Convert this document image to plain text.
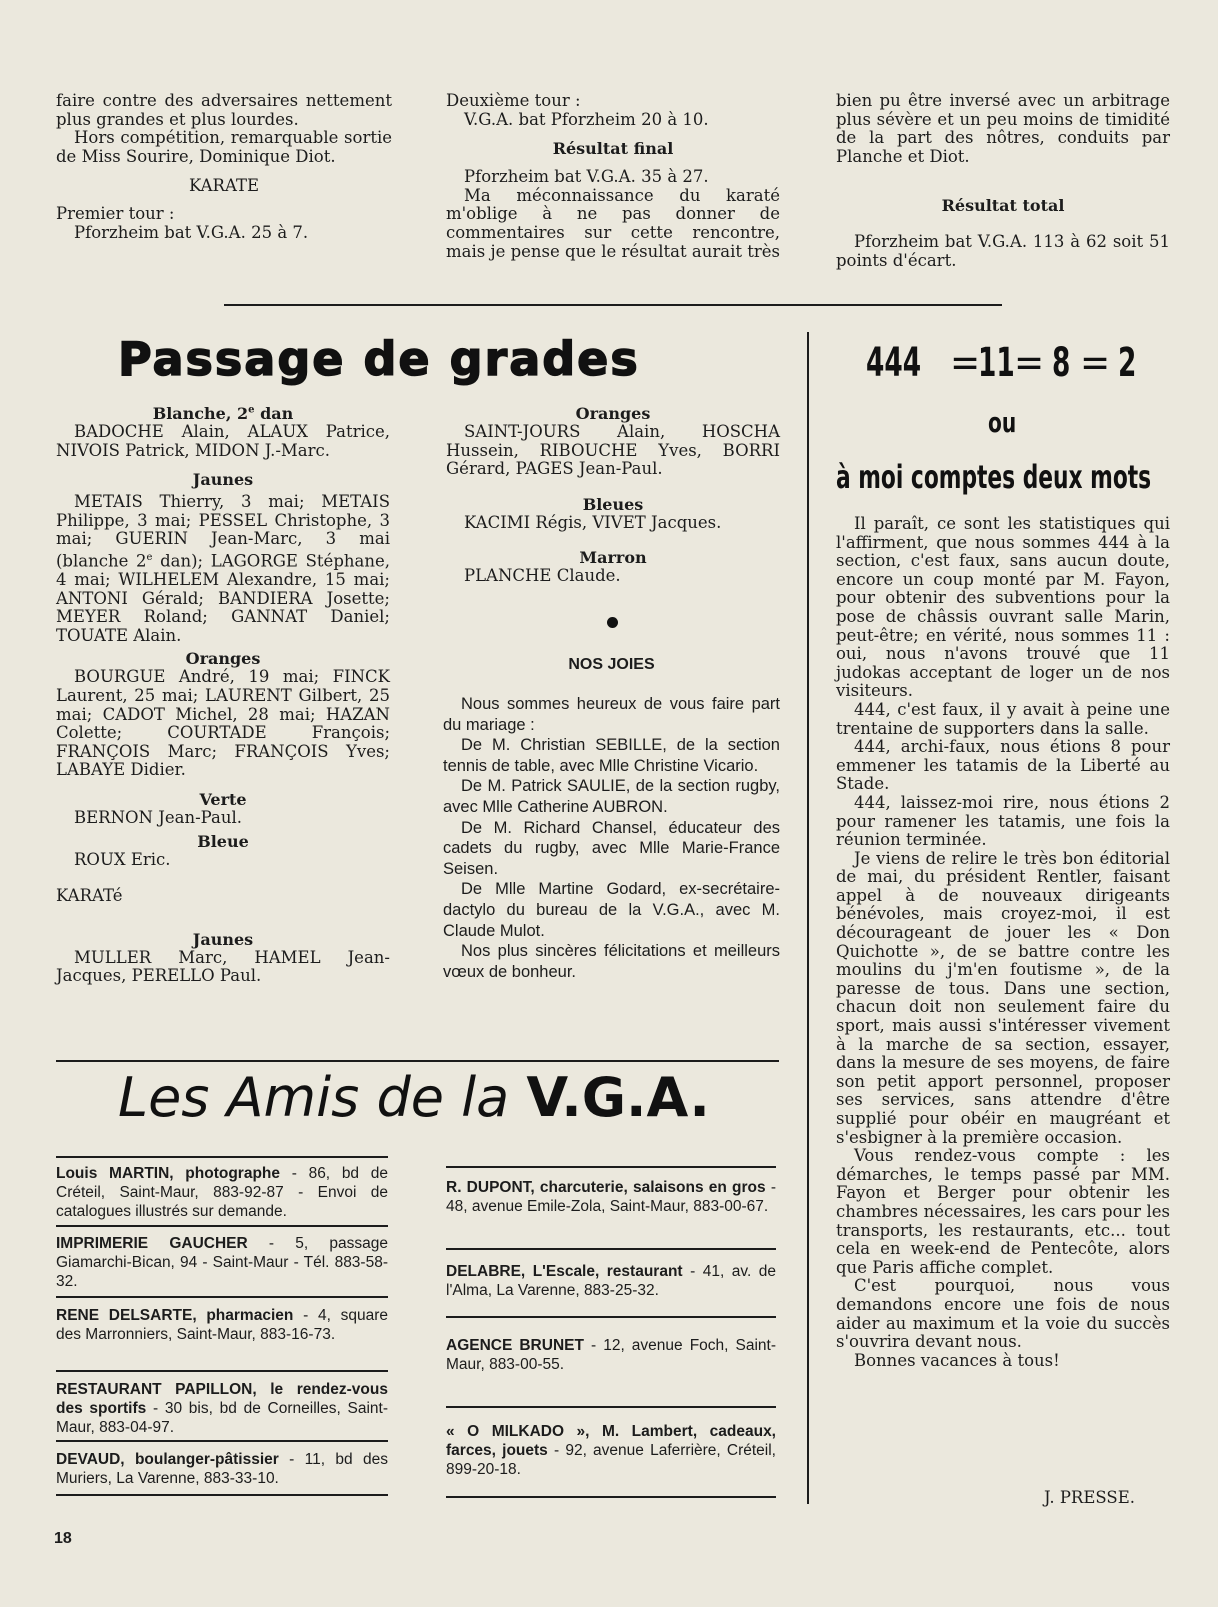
faire contre des adversaires nettement plus grandes et plus lourdes.

Hors compétition, remarquable sortie de Miss Sourire, Dominique Diot.

KARATE

Premier tour :

Pforzheim bat V.G.A. 25 à 7.

Deuxième tour :

V.G.A. bat Pforzheim 20 à 10.

Résultat final

Pforzheim bat V.G.A. 35 à 27.

Ma méconnaissance du karaté m'oblige à ne pas donner de commentaires sur cette rencontre, mais je pense que le résultat aurait très

bien pu être inversé avec un arbitrage plus sévère et un peu moins de timidité de la part des nôtres, conduits par Planche et Diot.

Résultat total

Pforzheim bat V.G.A. 113 à 62 soit 51 points d'écart.

Passage de grades

Blanche, 2e dan

BADOCHE Alain, ALAUX Patrice, NIVOIS Patrick, MIDON J.-Marc.

Jaunes

METAIS Thierry, 3 mai; METAIS Philippe, 3 mai; PESSEL Christophe, 3 mai; GUERIN Jean-Marc, 3 mai (blanche 2e dan); LAGORGE Stéphane, 4 mai; WILHELEM Alexandre, 15 mai; ANTONI Gérald; BANDIERA Josette; MEYER Roland; GANNAT Daniel; TOUATE Alain.

Oranges

BOURGUE André, 19 mai; FINCK Laurent, 25 mai; LAURENT Gilbert, 25 mai; CADOT Michel, 28 mai; HAZAN Colette; COURTADE François; FRANÇOIS Marc; FRANÇOIS Yves; LABAYE Didier.

Verte

BERNON Jean-Paul.

Bleue

ROUX Eric.

KARATé

Jaunes

MULLER Marc, HAMEL Jean-Jacques, PERELLO Paul.

Oranges

SAINT-JOURS Alain, HOSCHA Hussein, RIBOUCHE Yves, BORRI Gérard, PAGES Jean-Paul.

Bleues

KACIMI Régis, VIVET Jacques.

Marron

PLANCHE Claude.

NOS JOIES

Nous sommes heureux de vous faire part du mariage :

De M. Christian SEBILLE, de la section tennis de table, avec Mlle Christine Vicario.

De M. Patrick SAULIE, de la section rugby, avec Mlle Catherine AUBRON.

De M. Richard Chansel, éducateur des cadets du rugby, avec Mlle Marie-France Seisen.

De Mlle Martine Godard, ex-secrétaire-dactylo du bureau de la V.G.A., avec M. Claude Mulot.

Nos plus sincères félicitations et meilleurs vœux de bonheur.

Les Amis de la V.G.A.
Louis MARTIN, photographe - 86, bd de Créteil, Saint-Maur, 883-92-87 - Envoi de catalogues illustrés sur demande.
IMPRIMERIE GAUCHER - 5, passage Giamarchi-Bican, 94 - Saint-Maur - Tél. 883-58-32.
RENE DELSARTE, pharmacien - 4, square des Marronniers, Saint-Maur, 883-16-73.
RESTAURANT PAPILLON, le rendez-vous des sportifs - 30 bis, bd de Corneilles, Saint-Maur, 883-04-97.
DEVAUD, boulanger-pâtissier - 11, bd des Muriers, La Varenne, 883-33-10.
R. DUPONT, charcuterie, salaisons en gros - 48, avenue Emile-Zola, Saint-Maur, 883-00-67.
DELABRE, L'Escale, restaurant - 41, av. de l'Alma, La Varenne, 883-25-32.
AGENCE BRUNET - 12, avenue Foch, Saint-Maur, 883-00-55.
« O MILKADO », M. Lambert, cadeaux, farces, jouets - 92, avenue Laferrière, Créteil, 899-20-18.
444 =
11 = 8 = 2
ou
à moi comptes deux mots

Il paraît, ce sont les statistiques qui l'affirment, que nous sommes 444 à la section, c'est faux, sans aucun doute, encore un coup monté par M. Fayon, pour obtenir des subventions pour la pose de châssis ouvrant salle Marin, peut-être; en vérité, nous sommes 11 : oui, nous n'avons trouvé que 11 judokas acceptant de loger un de nos visiteurs.

444, c'est faux, il y avait à peine une trentaine de supporters dans la salle.

444, archi-faux, nous étions 8 pour emmener les tatamis de la Liberté au Stade.

444, laissez-moi rire, nous étions 2 pour ramener les tatamis, une fois la réunion terminée.

Je viens de relire le très bon éditorial de mai, du président Rentler, faisant appel à de nouveaux dirigeants bénévoles, mais croyez-moi, il est décourageant de jouer les « Don Quichotte », de se battre contre les moulins du j'm'en foutisme », de la paresse de tous. Dans une section, chacun doit non seulement faire du sport, mais aussi s'intéresser vivement à la marche de sa section, essayer, dans la mesure de ses moyens, de faire son petit apport personnel, proposer ses services, sans attendre d'être supplié pour obéir en maugréant et s'esbigner à la première occasion.

Vous rendez-vous compte : les démarches, le temps passé par MM. Fayon et Berger pour obtenir les chambres nécessaires, les cars pour les transports, les restaurants, etc... tout cela en week-end de Pentecôte, alors que Paris affiche complet.

C'est pourquoi, nous vous demandons encore une fois de nous aider au maximum et la voie du succès s'ouvrira devant nous.

Bonnes vacances à tous!

J. PRESSE.
18
